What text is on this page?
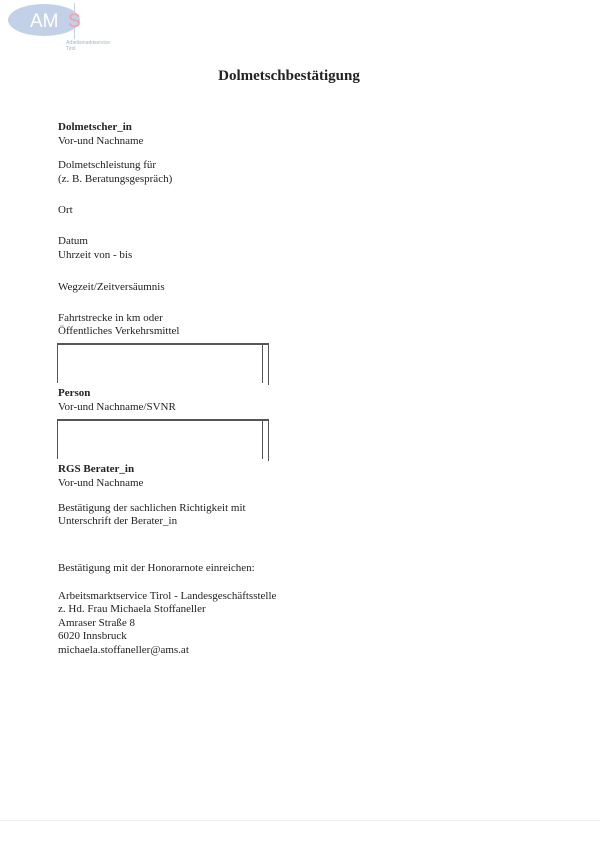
AM S
Arbeitsmarktservice
Tirol
Dolmetschbestätigung
Dolmetscher_in
Vor-und Nachname
Dolmetschleistung für
(z. B. Beratungsgespräch)
Ort
Datum
Uhrzeit von - bis
Wegzeit/Zeitversäumnis
Fahrtstrecke in km oder
Öffentliches Verkehrsmittel
Person
Vor-und Nachname/SVNR
RGS Berater_in
Vor-und Nachname
Bestätigung der sachlichen Richtigkeit mit
Unterschrift der Berater_in
Bestätigung mit der Honorarnote einreichen:
Arbeitsmarktservice Tirol - Landesgeschäftsstelle
z. Hd. Frau Michaela Stoffaneller
Amraser Straße 8
6020 Innsbruck
michaela.stoffaneller@ams.at
